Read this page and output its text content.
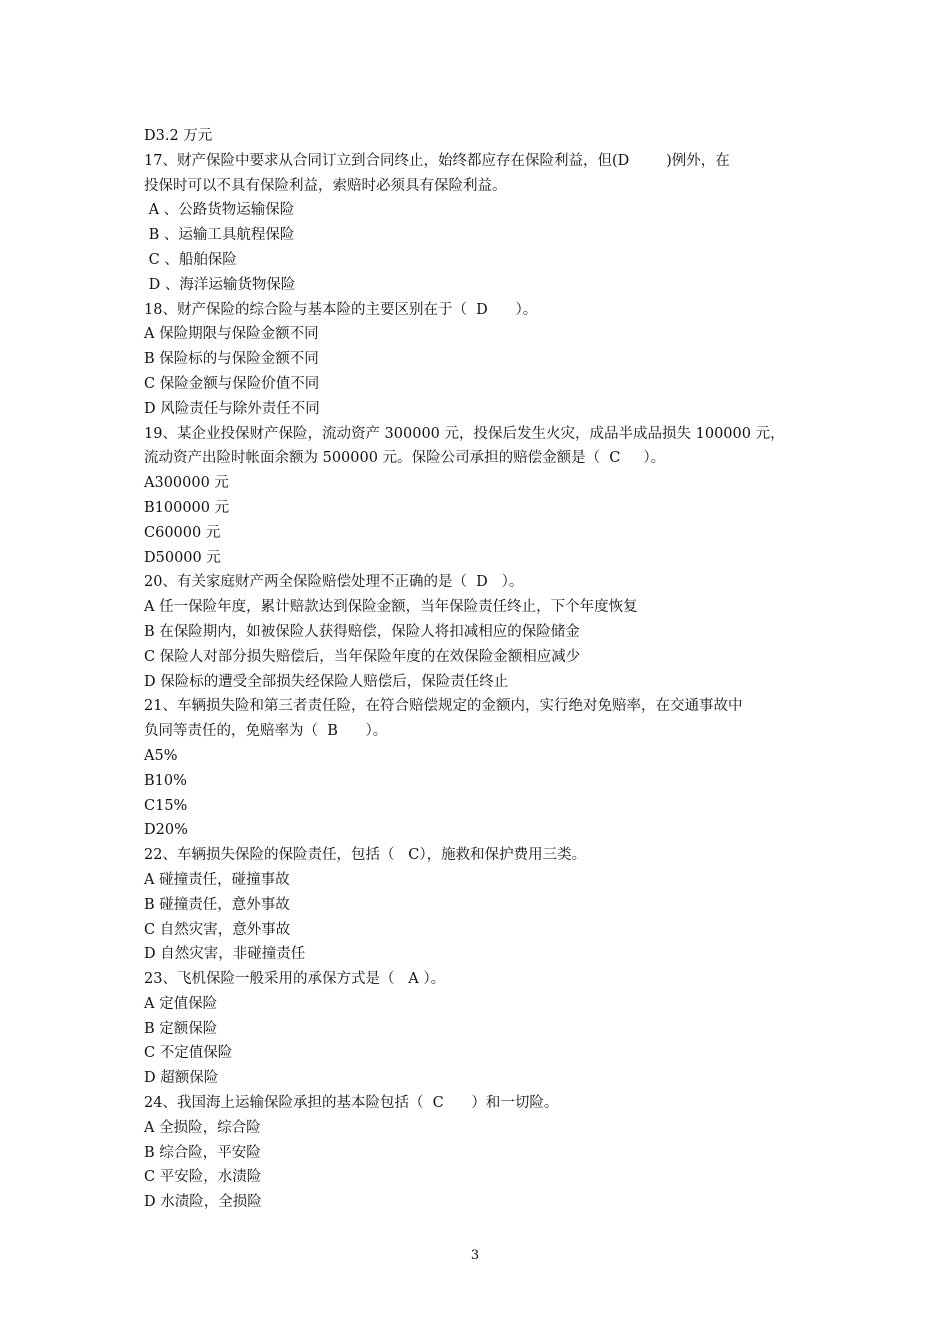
D3.2 万元
17、财产保险中要求从合同订立到合同终止，始终都应存在保险利益，但(D        )例外，在
投保时可以不具有保险利益，索赔时必须具有保险利益。
A 、公路货物运输保险
B 、运输工具航程保险
C 、船舶保险
D 、海洋运输货物保险
18、财产保险的综合险与基本险的主要区别在于（  D      ）。
A 保险期限与保险金额不同
B 保险标的与保险金额不同
C 保险金额与保险价值不同
D 风险责任与除外责任不同
19、某企业投保财产保险，流动资产 300000 元，投保后发生火灾，成品半成品损失 100000 元，
流动资产出险时帐面余额为 500000 元。保险公司承担的赔偿金额是（  C     ）。
A300000 元
B100000 元
C60000 元
D50000 元
20、有关家庭财产两全保险赔偿处理不正确的是（  D   ）。
A 任一保险年度，累计赔款达到保险金额，当年保险责任终止，下个年度恢复
B 在保险期内，如被保险人获得赔偿，保险人将扣减相应的保险储金
C 保险人对部分损失赔偿后，当年保险年度的在效保险金额相应减少
D 保险标的遭受全部损失经保险人赔偿后，保险责任终止
21、车辆损失险和第三者责任险，在符合赔偿规定的金额内，实行绝对免赔率，在交通事故中
负同等责任的，免赔率为（  B      ）。
A5%
B10%
C15%
D20%
22、车辆损失保险的保险责任，包括（   C），施救和保护费用三类。
A 碰撞责任，碰撞事故
B 碰撞责任，意外事故
C 自然灾害，意外事故
D 自然灾害，非碰撞责任
23、飞机保险一般采用的承保方式是（   A ）。
A 定值保险
B 定额保险
C 不定值保险
D 超额保险
24、我国海上运输保险承担的基本险包括（  C      ）和一切险。
A 全损险，综合险
B 综合险，平安险
C 平安险，水渍险
D 水渍险，全损险
3
